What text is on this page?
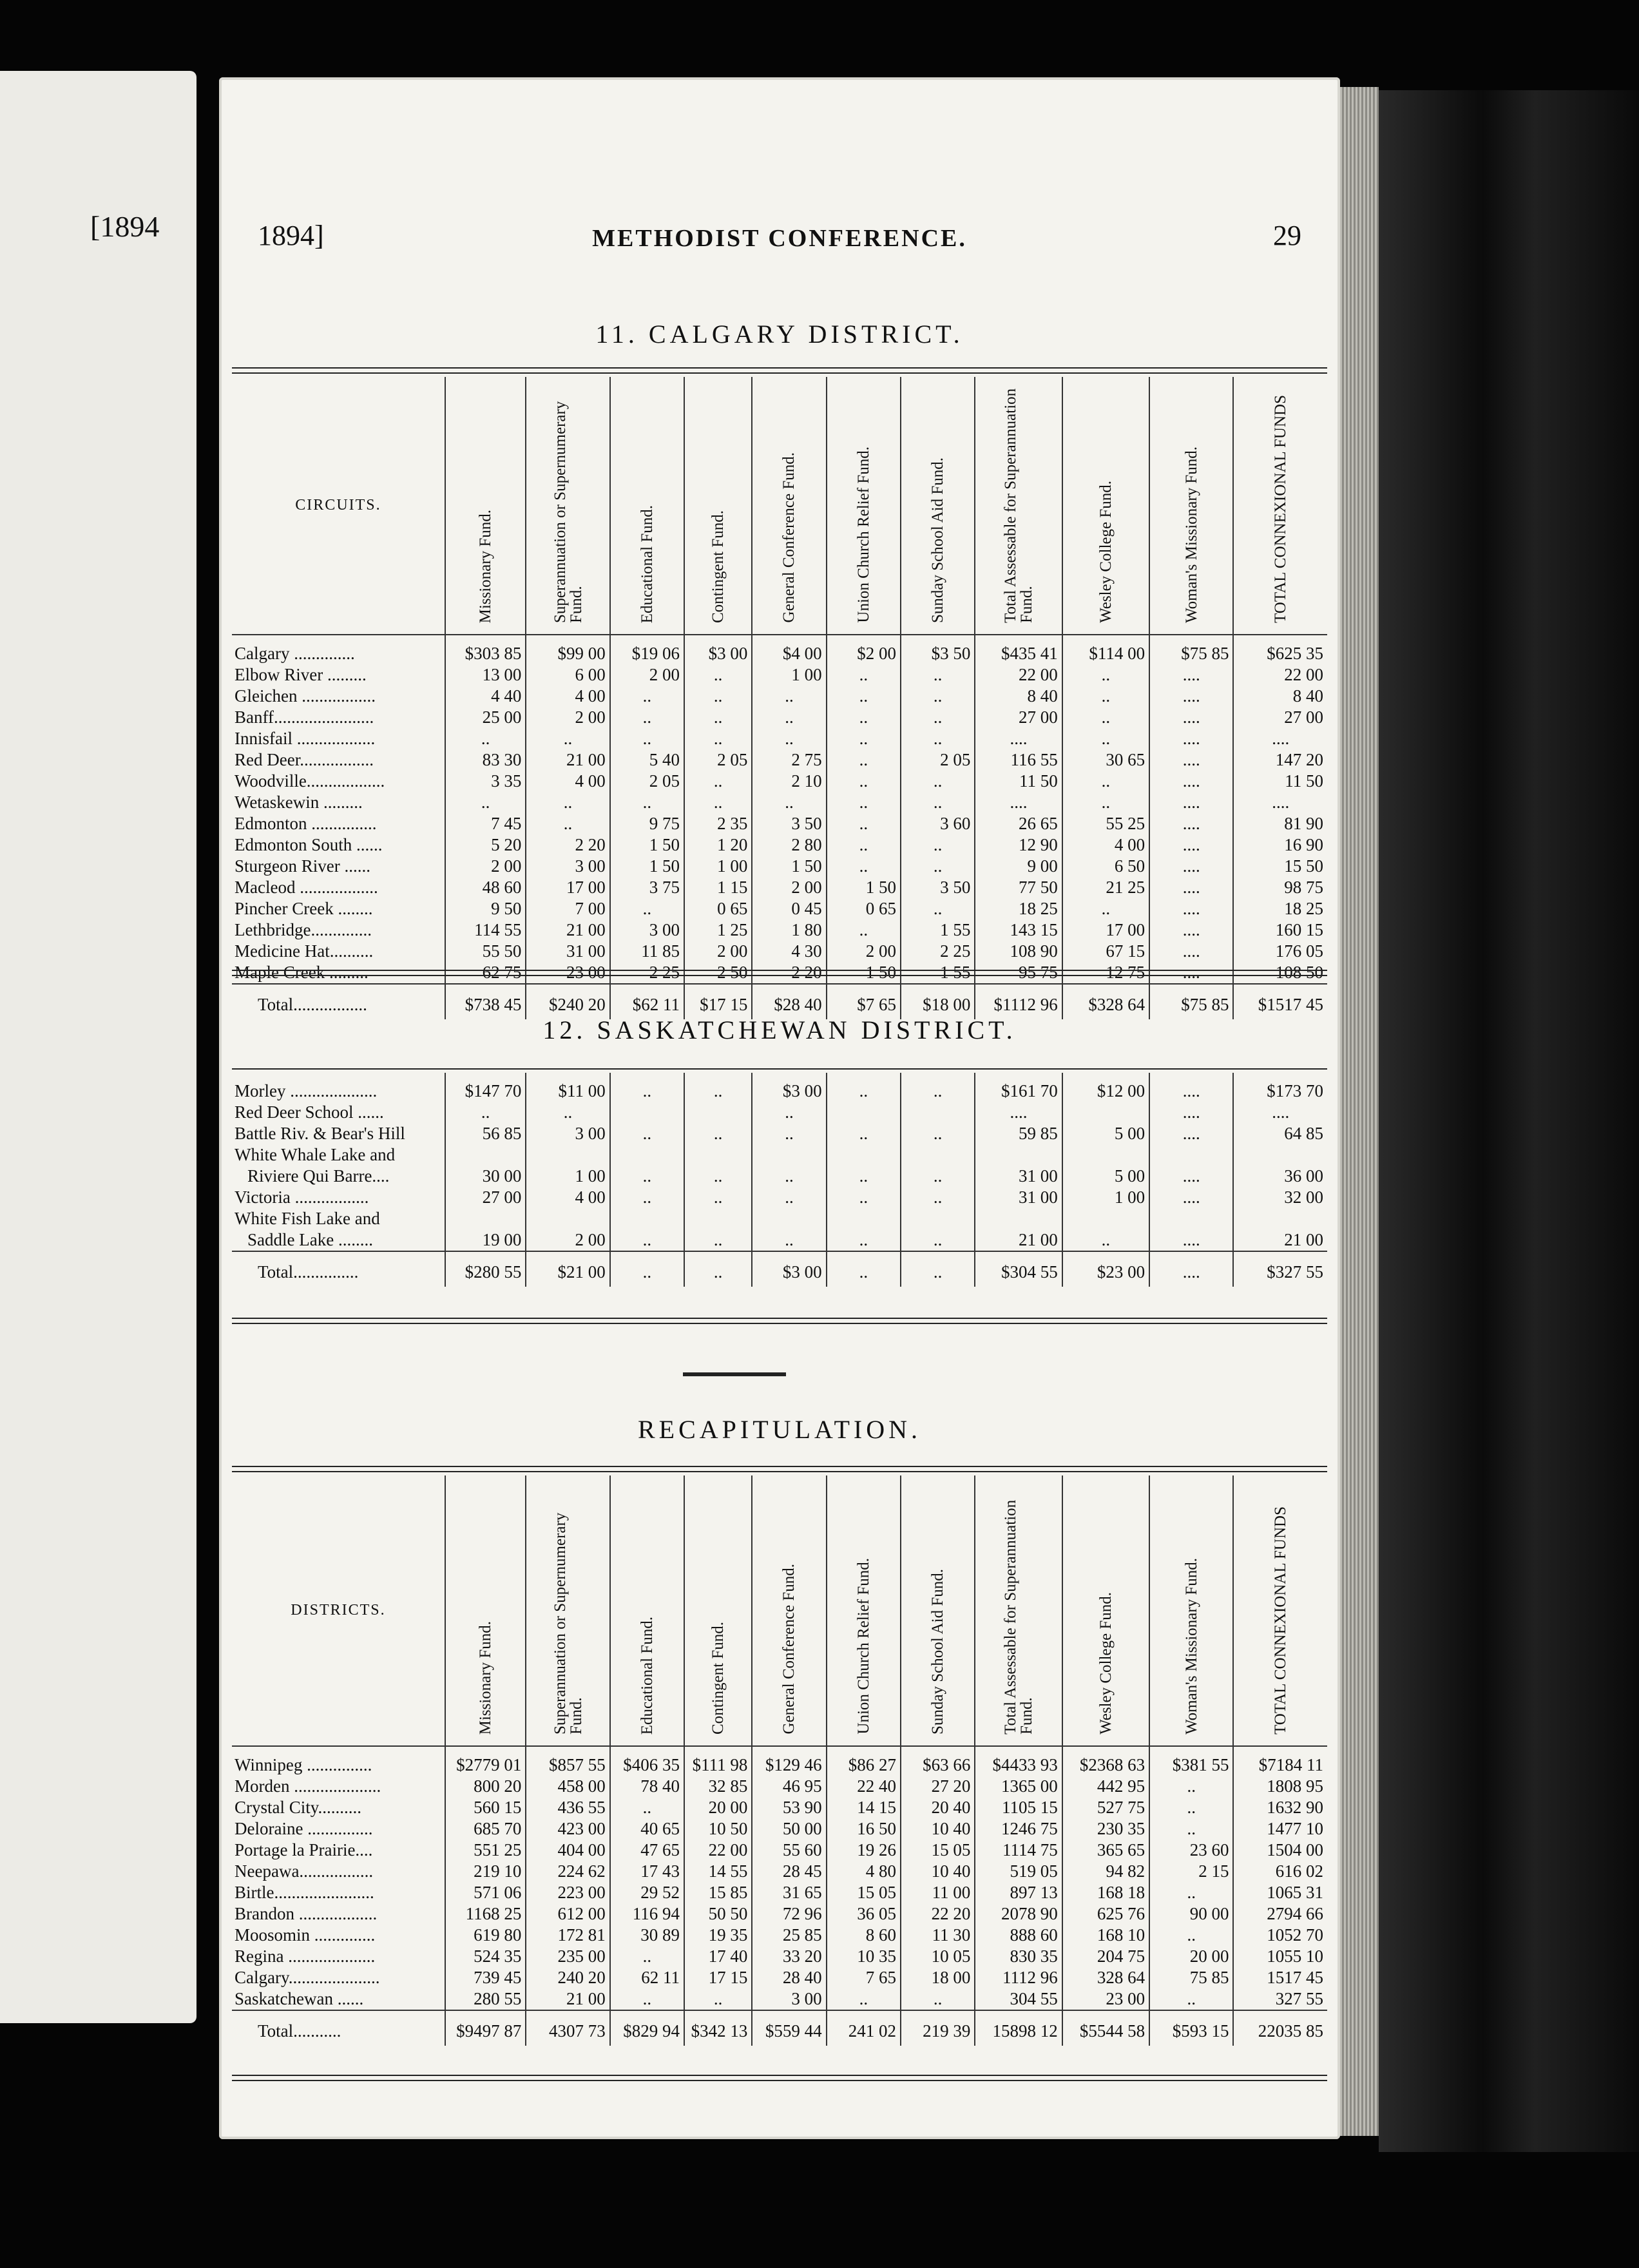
[1894	1894]	METHODIST CONFERENCE.	29
11. CALGARY DISTRICT.
CIRCUITS.	Missionary Fund.	Superannuation or Supernumerary Fund.	Educational Fund.	Contingent Fund.	General Conference Fund.	Union Church Relief Fund.	Sunday School Aid Fund.	Total Assessable for Superannuation Fund.	Wesley College Fund.	Woman's Missionary Fund.	TOTAL CONNEXIONAL FUNDS

Calgary ..............	$303 85	$99 00	$19 06	$3 00	$4 00	$2 00	$3 50	$435 41	$114 00	$75 85	$625 35
Elbow River .........	13 00	6 00	2 00	..	1 00	..	..	22 00	..	....	22 00
Gleichen .................	4 40	4 00	..	..	..	..	..	8 40	..	....	8 40
Banff.......................	25 00	2 00	..	..	..	..	..	27 00	..	....	27 00
Innisfail ..................	..	..	..	..	..	..	..	....	..	....	....
Red Deer.................	83 30	21 00	5 40	2 05	2 75	..	2 05	116 55	30 65	....	147 20
Woodville..................	3 35	4 00	2 05	..	2 10	..	..	11 50	..	....	11 50
Wetaskewin .........	..	..	..	..	..	..	..	....	..	....	....
Edmonton ...............	7 45	..	9 75	2 35	3 50	..	3 60	26 65	55 25	....	81 90
Edmonton South ......	5 20	2 20	1 50	1 20	2 80	..	..	12 90	4 00	....	16 90
Sturgeon River ......	2 00	3 00	1 50	1 00	1 50	..	..	9 00	6 50	....	15 50
Macleod ..................	48 60	17 00	3 75	1 15	2 00	1 50	3 50	77 50	21 25	....	98 75
Pincher Creek ........	9 50	7 00	..	0 65	0 45	0 65	..	18 25	..	....	18 25
Lethbridge..............	114 55	21 00	3 00	1 25	1 80	..	1 55	143 15	17 00	....	160 15
Medicine Hat..........	55 50	31 00	11 85	2 00	4 30	2 00	2 25	108 90	67 15	....	176 05
Maple Creek .........	62 75	23 00	2 25	2 50	2 20	1 50	1 55	95 75	12 75	....	108 50
Total.................	$738 45	$240 20	$62 11	$17 15	$28 40	$7 65	$18 00	$1112 96	$328 64	$75 85	$1517 45
12. SASKATCHEWAN DISTRICT.

Morley ....................	$147 70	$11 00	..	..	$3 00	..	..	$161 70	$12 00	....	$173 70
Red Deer School ......	..	..			..			....		....	....
Battle Riv. & Bear's Hill	56 85	3 00	..	..	..	..	..	59 85	5 00	....	64 85
White Whale Lake and											
Riviere Qui Barre....	30 00	1 00	..	..	..	..	..	31 00	5 00	....	36 00
Victoria .................	27 00	4 00	..	..	..	..	..	31 00	1 00	....	32 00
White Fish Lake and											
Saddle Lake ........	19 00	2 00	..	..	..	..	..	21 00	..	....	21 00
Total...............	$280 55	$21 00	..	..	$3 00	..	..	$304 55	$23 00	....	$327 55
RECAPITULATION.
DISTRICTS.	Missionary Fund.	Superannuation or Supernumerary Fund.	Educational Fund.	Contingent Fund.	General Conference Fund.	Union Church Relief Fund.	Sunday School Aid Fund.	Total Assessable for Superannuation Fund.	Wesley College Fund.	Woman's Missionary Fund.	TOTAL CONNEXIONAL FUNDS

Winnipeg ...............	$2779 01	$857 55	$406 35	$111 98	$129 46	$86 27	$63 66	$4433 93	$2368 63	$381 55	$7184 11
Morden ....................	800 20	458 00	78 40	32 85	46 95	22 40	27 20	1365 00	442 95	..	1808 95
Crystal City..........	560 15	436 55	..	20 00	53 90	14 15	20 40	1105 15	527 75	..	1632 90
Deloraine ...............	685 70	423 00	40 65	10 50	50 00	16 50	10 40	1246 75	230 35	..	1477 10
Portage la Prairie....	551 25	404 00	47 65	22 00	55 60	19 26	15 05	1114 75	365 65	23 60	1504 00
Neepawa.................	219 10	224 62	17 43	14 55	28 45	4 80	10 40	519 05	94 82	2 15	616 02
Birtle.......................	571 06	223 00	29 52	15 85	31 65	15 05	11 00	897 13	168 18	..	1065 31
Brandon ..................	1168 25	612 00	116 94	50 50	72 96	36 05	22 20	2078 90	625 76	90 00	2794 66
Moosomin ..............	619 80	172 81	30 89	19 35	25 85	8 60	11 30	888 60	168 10	..	1052 70
Regina ....................	524 35	235 00	..	17 40	33 20	10 35	10 05	830 35	204 75	20 00	1055 10
Calgary.....................	739 45	240 20	62 11	17 15	28 40	7 65	18 00	1112 96	328 64	75 85	1517 45
Saskatchewan ......	280 55	21 00	..	..	3 00	..	..	304 55	23 00	..	327 55
Total...........	$9497 87	4307 73	$829 94	$342 13	$559 44	241 02	219 39	15898 12	$5544 58	$593 15	22035 85
